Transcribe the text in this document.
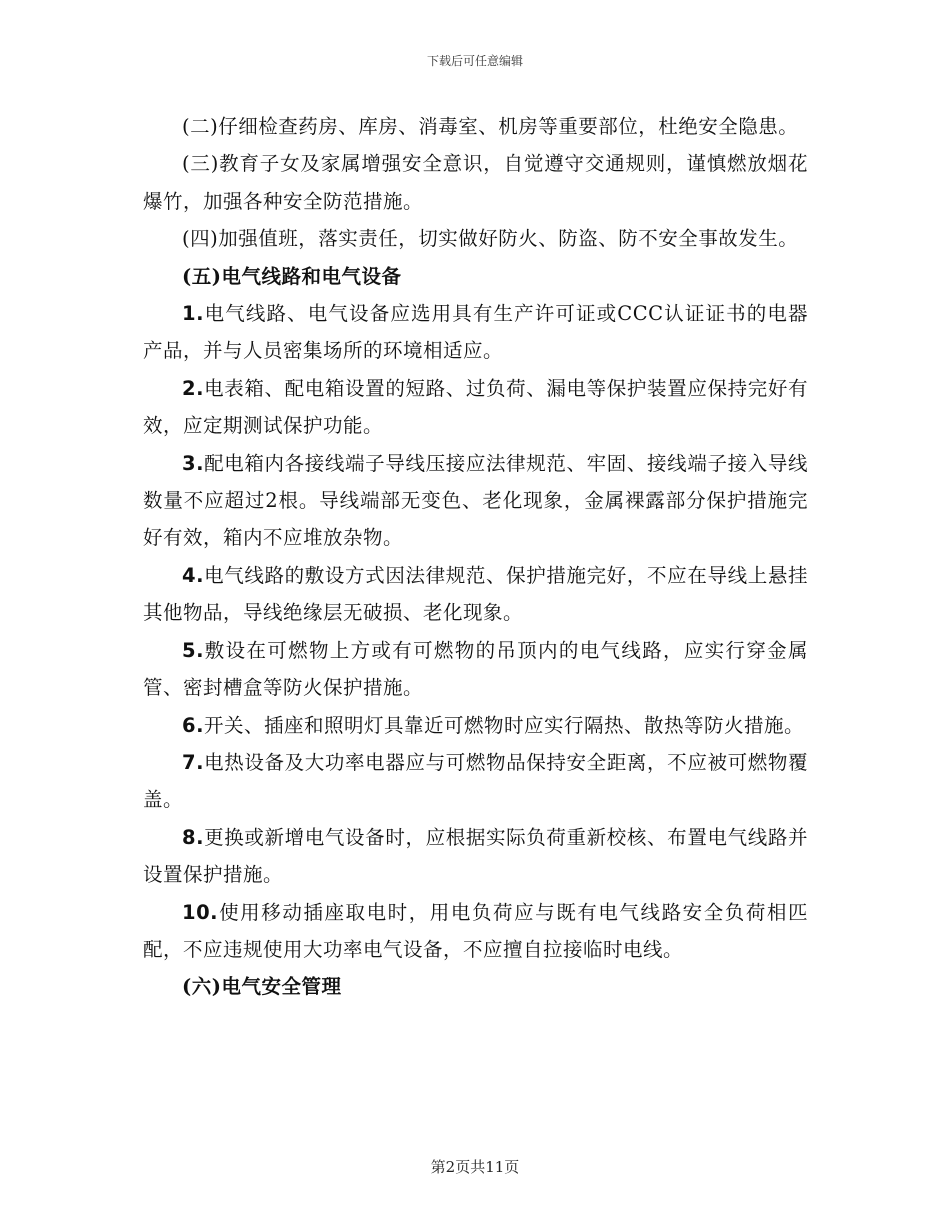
下载后可任意编辑

(二)仔细检查药房、库房、消毒室、机房等重要部位，杜绝安全隐患。

(三)教育子女及家属增强安全意识，自觉遵守交通规则，谨慎燃放烟花爆竹，加强各种安全防范措施。

(四)加强值班，落实责任，切实做好防火、防盗、防不安全事故发生。

(五)电气线路和电气设备

1.电气线路、电气设备应选用具有生产许可证或CCC认证证书的电器产品，并与人员密集场所的环境相适应。

2.电表箱、配电箱设置的短路、过负荷、漏电等保护装置应保持完好有效，应定期测试保护功能。

3.配电箱内各接线端子导线压接应法律规范、牢固、接线端子接入导线数量不应超过2根。导线端部无变色、老化现象，金属裸露部分保护措施完好有效，箱内不应堆放杂物。

4.电气线路的敷设方式因法律规范、保护措施完好，不应在导线上悬挂其他物品，导线绝缘层无破损、老化现象。

5.敷设在可燃物上方或有可燃物的吊顶内的电气线路，应实行穿金属管、密封槽盒等防火保护措施。

6.开关、插座和照明灯具靠近可燃物时应实行隔热、散热等防火措施。

7.电热设备及大功率电器应与可燃物品保持安全距离，不应被可燃物覆盖。

8.更换或新增电气设备时，应根据实际负荷重新校核、布置电气线路并设置保护措施。

10.使用移动插座取电时，用电负荷应与既有电气线路安全负荷相匹配，不应违规使用大功率电气设备，不应擅自拉接临时电线。

(六)电气安全管理

第2页共11页
